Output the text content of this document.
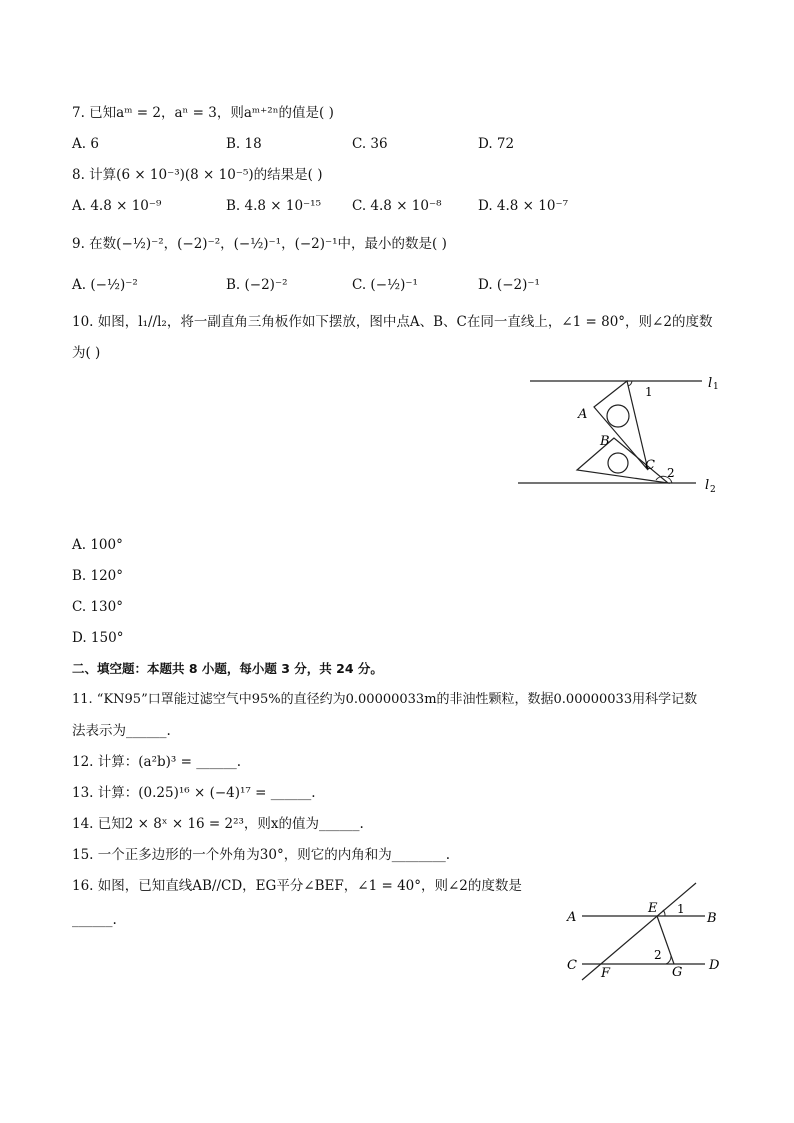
7. 已知aᵐ = 2，aⁿ = 3，则aᵐ⁺²ⁿ的值是( )
A. 6	B. 18	C. 36	D. 72
8. 计算(6 × 10⁻³)(8 × 10⁻⁵)的结果是( )
A. 4.8 × 10⁻⁹	B. 4.8 × 10⁻¹⁵ C. 4.8 × 10⁻⁸	D. 4.8 × 10⁻⁷
9. 在数(−½)⁻²，(−2)⁻²，(−½)⁻¹，(−2)⁻¹中，最小的数是( )
A. (−½)⁻²	B. (−2)⁻²	C. (−½)⁻¹	D. (−2)⁻¹
10. 如图，l₁//l₂，将一副直角三角板作如下摆放，图中点A、B、C在同一直线上，∠1 = 80°，则∠2的度数
为( )
l 1
l 2
A
B
C
1
2
A. 100°
B. 120°
C. 130°
D. 150°
二、填空题：本题共 8 小题，每小题 3 分，共 24 分。
11. “KN95”口罩能过滤空气中95%的直径约为0.00000033m的非油性颗粒，数据0.00000033用科学记数
法表示为______.
12. 计算：(a²b)³ = ______.
13. 计算：(0.25)¹⁶ × (−4)¹⁷ = ______.
14. 已知2 × 8ˣ × 16 = 2²³，则x的值为______.
15. 一个正多边形的一个外角为30°，则它的内角和为________.
16. 如图，已知直线AB//CD，EG平分∠BEF，∠1 = 40°，则∠2的度数是
______.	A	B
C	D
E
F	G
1
2
